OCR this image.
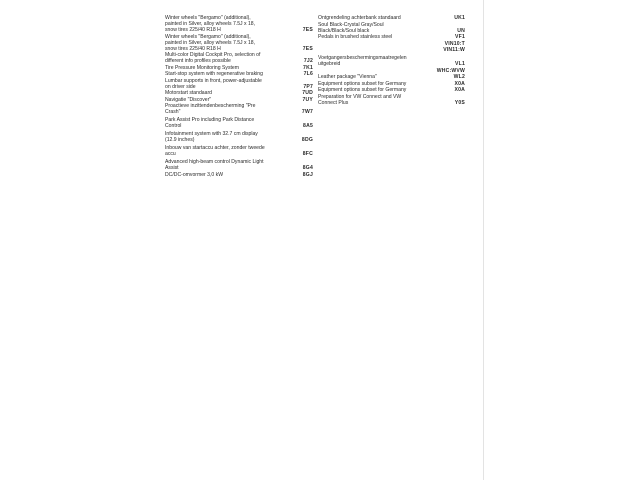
Winter wheels "Bergamo" (additional),
painted in Silver, alloy wheels 7.5J x 18,
snow tires 225/40 R18 H	7ES
Winter wheels "Bergamo" (additional),
painted in Silver, alloy wheels 7.5J x 18,
snow tires 225/40 R18 H	7ES
Multi-color Digital Cockpit Pro, selection of
different info profiles possible	7J2
Tire Pressure Monitoring System	7K1
Start-stop system with regenerative braking	7L6
Lumbar supports in front, power-adjustable
on driver side	7P7
Motorstart standaard	7UD
Navigatie "Discover"	7UY
Proactieve inzittendenbescherming "Pre
Crash"	7W7
Park Assist Pro including Park Distance
Control	8A5
Infotainment system with 32.7 cm display
(12.9 inches)	8DG
Inbouw van startaccu achter, zonder tweede
accu	8FC
Advanced high-beam control Dynamic Light
Assist	8G4
DC/DC-omvormer 3,0 kW	8GJ
Ontgrendeling achterbank standaard	UK1
Soul Black-Crystal Gray/Soul
Black/Black/Soul black	UN
Pedals in brushed stainless steel	VF1
VIN10:T
VIN11:W
Voetgangersbeschermingsmaatregelen
uitgebreid	VL1
WHC:WVW
Leather package "Vienna"	WL2
Equipment options subset for Germany	X0A
Equipment options subset for Germany	X0A
Preparation for VW Connect and VW
Connect Plus	Y0S
